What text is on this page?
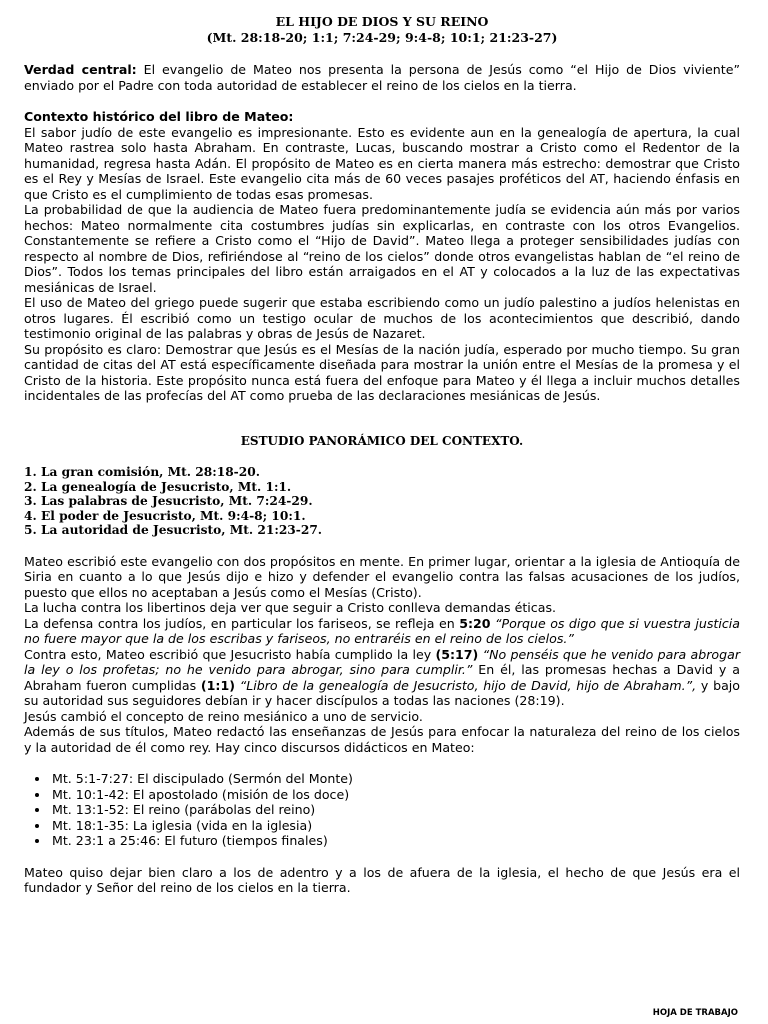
EL HIJO DE DIOS Y SU REINO

(Mt. 28:18-20; 1:1; 7:24-29; 9:4-8; 10:1; 21:23-27)

Verdad central: El evangelio de Mateo nos presenta la persona de Jesús como “el Hijo de Dios viviente” enviado por el Padre con toda autoridad de establecer el reino de los cielos en la tierra.

Contexto histórico del libro de Mateo:

El sabor judío de este evangelio es impresionante. Esto es evidente aun en la genealogía de apertura, la cual Mateo rastrea solo hasta Abraham. En contraste, Lucas, buscando mostrar a Cristo como el Redentor de la humanidad, regresa hasta Adán. El propósito de Mateo es en cierta manera más estrecho: demostrar que Cristo es el Rey y Mesías de Israel. Este evangelio cita más de 60 veces pasajes proféticos del AT, haciendo énfasis en que Cristo es el cumplimiento de todas esas promesas.

La probabilidad de que la audiencia de Mateo fuera predominantemente judía se evidencia aún más por varios hechos: Mateo normalmente cita costumbres judías sin explicarlas, en contraste con los otros Evangelios. Constantemente se refiere a Cristo como el “Hijo de David”. Mateo llega a proteger sensibilidades judías con respecto al nombre de Dios, refiriéndose al “reino de los cielos” donde otros evangelistas hablan de “el reino de Dios”. Todos los temas principales del libro están arraigados en el AT y colocados a la luz de las expectativas mesiánicas de Israel.

El uso de Mateo del griego puede sugerir que estaba escribiendo como un judío palestino a judíos helenistas en otros lugares. Él escribió como un testigo ocular de muchos de los acontecimientos que describió, dando testimonio original de las palabras y obras de Jesús de Nazaret.

Su propósito es claro: Demostrar que Jesús es el Mesías de la nación judía, esperado por mucho tiempo. Su gran cantidad de citas del AT está específicamente diseñada para mostrar la unión entre el Mesías de la promesa y el Cristo de la historia. Este propósito nunca está fuera del enfoque para Mateo y él llega a incluir muchos detalles incidentales de las profecías del AT como prueba de las declaraciones mesiánicas de Jesús.

ESTUDIO PANORÁMICO DEL CONTEXTO.

1. La gran comisión, Mt. 28:18-20.
2. La genealogía de Jesucristo, Mt. 1:1.
3. Las palabras de Jesucristo, Mt. 7:24-29.
4. El poder de Jesucristo, Mt. 9:4-8; 10:1.
5. La autoridad de Jesucristo, Mt. 21:23-27.

Mateo escribió este evangelio con dos propósitos en mente. En primer lugar, orientar a la iglesia de Antioquía de Siria en cuanto a lo que Jesús dijo e hizo y defender el evangelio contra las falsas acusaciones de los judíos, puesto que ellos no aceptaban a Jesús como el Mesías (Cristo).

La lucha contra los libertinos deja ver que seguir a Cristo conlleva demandas éticas.

La defensa contra los judíos, en particular los fariseos, se refleja en 5:20 “Porque os digo que si vuestra justicia no fuere mayor que la de los escribas y fariseos, no entraréis en el reino de los cielos.”

Contra esto, Mateo escribió que Jesucristo había cumplido la ley (5:17) “No penséis que he venido para abrogar la ley o los profetas; no he venido para abrogar, sino para cumplir.” En él, las promesas hechas a David y a Abraham fueron cumplidas (1:1) “Libro de la genealogía de Jesucristo, hijo de David, hijo de Abraham.”, y bajo su autoridad sus seguidores debían ir y hacer discípulos a todas las naciones (28:19).

Jesús cambió el concepto de reino mesiánico a uno de servicio.

Además de sus títulos, Mateo redactó las enseñanzas de Jesús para enfocar la naturaleza del reino de los cielos y la autoridad de él como rey. Hay cinco discursos didácticos en Mateo:

• Mt. 5:1-7:27: El discipulado (Sermón del Monte)
• Mt. 10:1-42: El apostolado (misión de los doce)
• Mt. 13:1-52: El reino (parábolas del reino)
• Mt. 18:1-35: La iglesia (vida en la iglesia)
• Mt. 23:1 a 25:46: El futuro (tiempos finales)

Mateo quiso dejar bien claro a los de adentro y a los de afuera de la iglesia, el hecho de que Jesús era el fundador y Señor del reino de los cielos en la tierra.

HOJA DE TRABAJO
